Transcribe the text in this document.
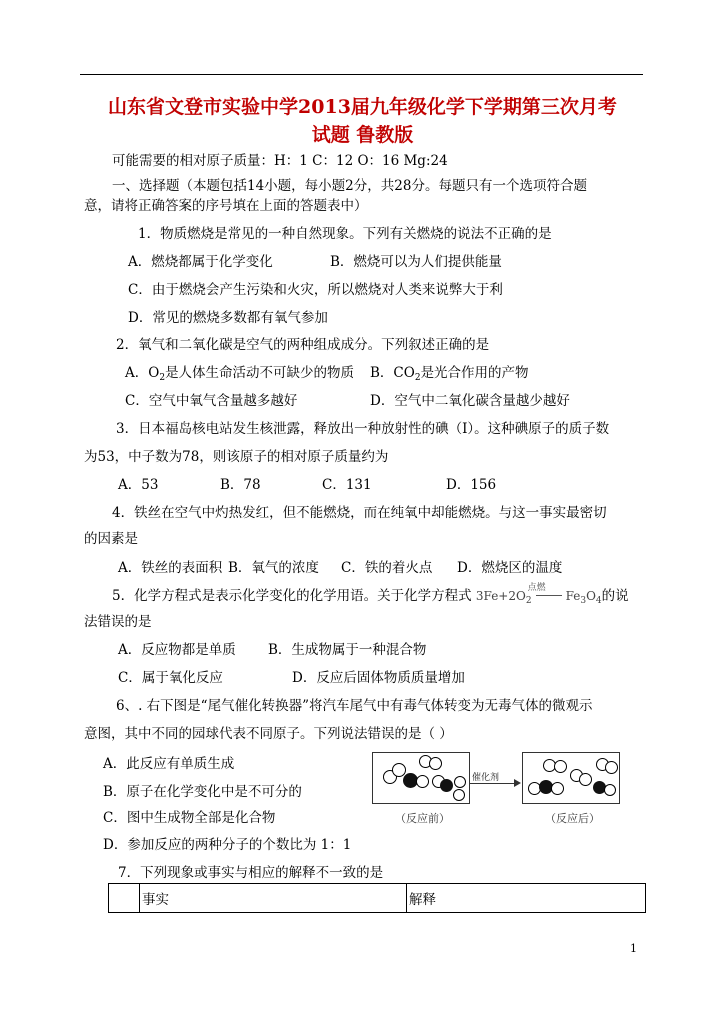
山东省文登市实验中学2013届九年级化学下学期第三次月考
试题 鲁教版
可能需要的相对原子质量：H：1 C：12 O：16 Mg:24
一、选择题（本题包括14小题，每小题2分，共28分。每题只有一个选项符合题
意，请将正确答案的序号填在上面的答题表中）
1．物质燃烧是常见的一种自然现象。下列有关燃烧的说法不正确的是
A．燃烧都属于化学变化	B．燃烧可以为人们提供能量
C．由于燃烧会产生污染和火灾，所以燃烧对人类来说弊大于利
D．常见的燃烧多数都有氧气参加
2．氧气和二氧化碳是空气的两种组成成分。下列叙述正确的是
A．$O_2$是人体生命活动不可缺少的物质 B．$CO_2$是光合作用的产物
C．空气中氧气含量越多越好	D．空气中二氧化碳含量越少越好
3．日本福岛核电站发生核泄露，释放出一种放射性的碘（I）。这种碘原子的质子数
为53，中子数为78，则该原子的相对原子质量约为
A．53	B．78	C．131	D．156
4．铁丝在空气中灼热发红，但不能燃烧，而在纯氧中却能燃烧。与这一事实最密切
的因素是
A．铁丝的表面积 B．氧气的浓度 C．铁的着火点 D．燃烧区的温度
5．化学方程式是表示化学变化的化学用语。关于化学方程式 $3Fe+2O_2$
点燃
$Fe_3O_4$的说
法错误的是
A．反应物都是单质 B．生成物属于一种混合物
C．属于氧化反应	D．反应后固体物质质量增加
6、. 右下图是“尾气催化转换器”将汽车尾气中有毒气体转变为无毒气体的微观示
意图，其中不同的园球代表不同原子。下列说法错误的是（ ）
A．此反应有单质生成
B．原子在化学变化中是不可分的
C．图中生成物全部是化合物
D．参加反应的两种分子的个数比为 1：1
催化剂
（反应前）	（反应后）
7．下列现象或事实与相应的解释不一致的是
	事实	解释
1
